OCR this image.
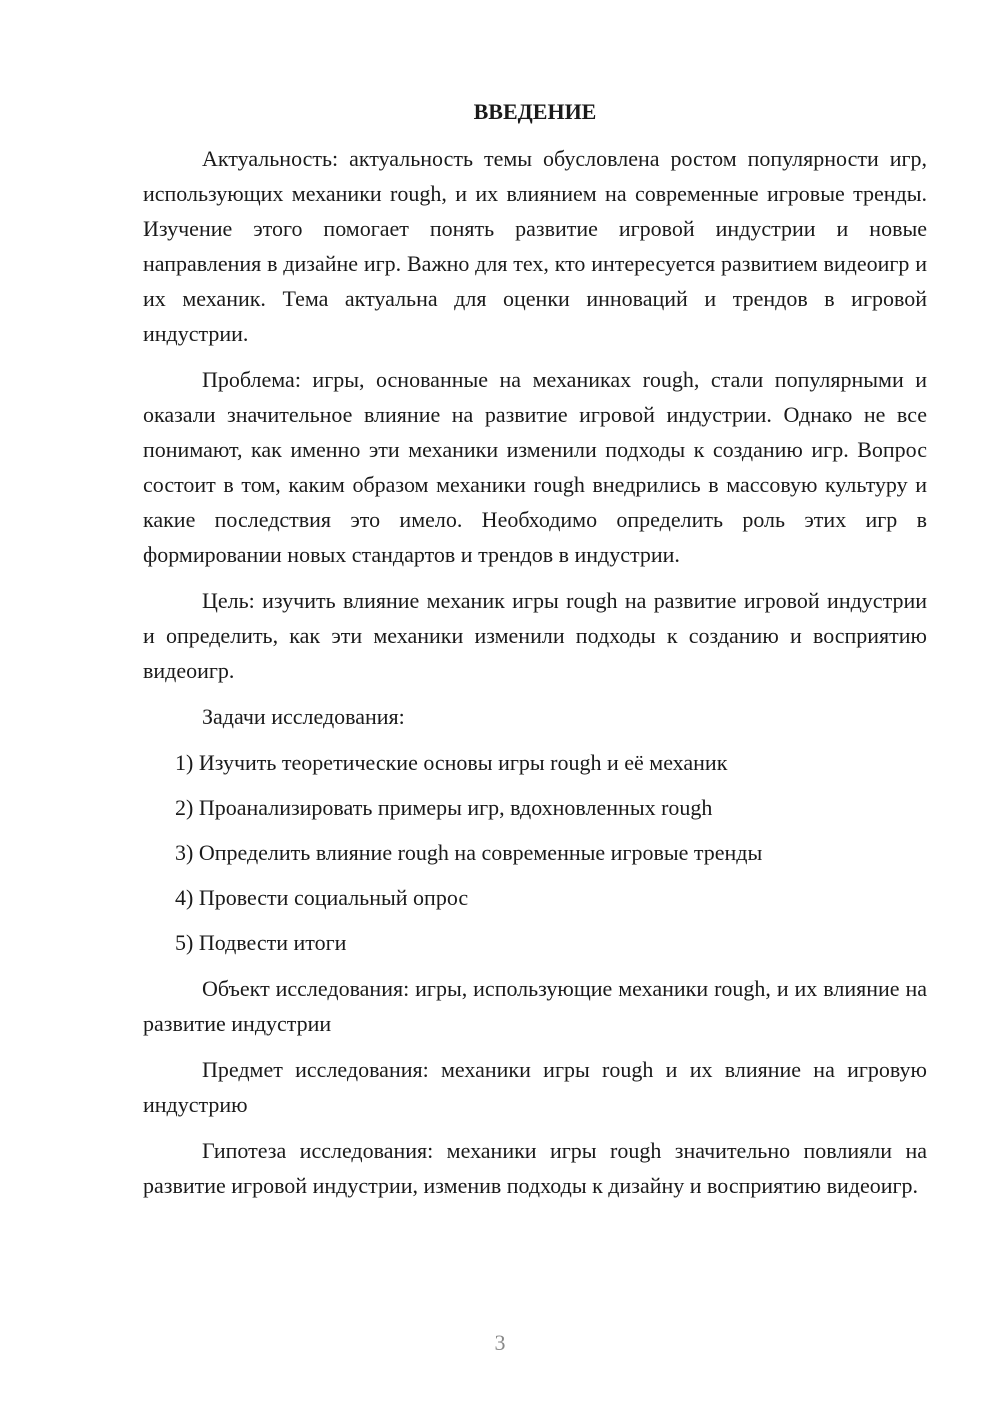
ВВЕДЕНИЕ

Актуальность: актуальность темы обусловлена ростом популярности игр, использующих механики rough, и их влиянием на современные игровые тренды. Изучение этого помогает понять развитие игровой индустрии и новые направления в дизайне игр. Важно для тех, кто интересуется развитием видеоигр и их механик. Тема актуальна для оценки инноваций и трендов в игровой индустрии.

Проблема: игры, основанные на механиках rough, стали популярными и оказали значительное влияние на развитие игровой индустрии. Однако не все понимают, как именно эти механики изменили подходы к созданию игр. Вопрос состоит в том, каким образом механики rough внедрились в массовую культуру и какие последствия это имело. Необходимо определить роль этих игр в формировании новых стандартов и трендов в индустрии.

Цель: изучить влияние механик игры rough на развитие игровой индустрии и определить, как эти механики изменили подходы к созданию и восприятию видеоигр.

Задачи исследования:

1) Изучить теоретические основы игры rough и её механик
2) Проанализировать примеры игр, вдохновленных rough
3) Определить влияние rough на современные игровые тренды
4) Провести социальный опрос
5) Подвести итоги

Объект исследования: игры, использующие механики rough, и их влияние на развитие индустрии

Предмет исследования: механики игры rough и их влияние на игровую индустрию

Гипотеза исследования: механики игры rough значительно повлияли на развитие игровой индустрии, изменив подходы к дизайну и восприятию видеоигр.

3
